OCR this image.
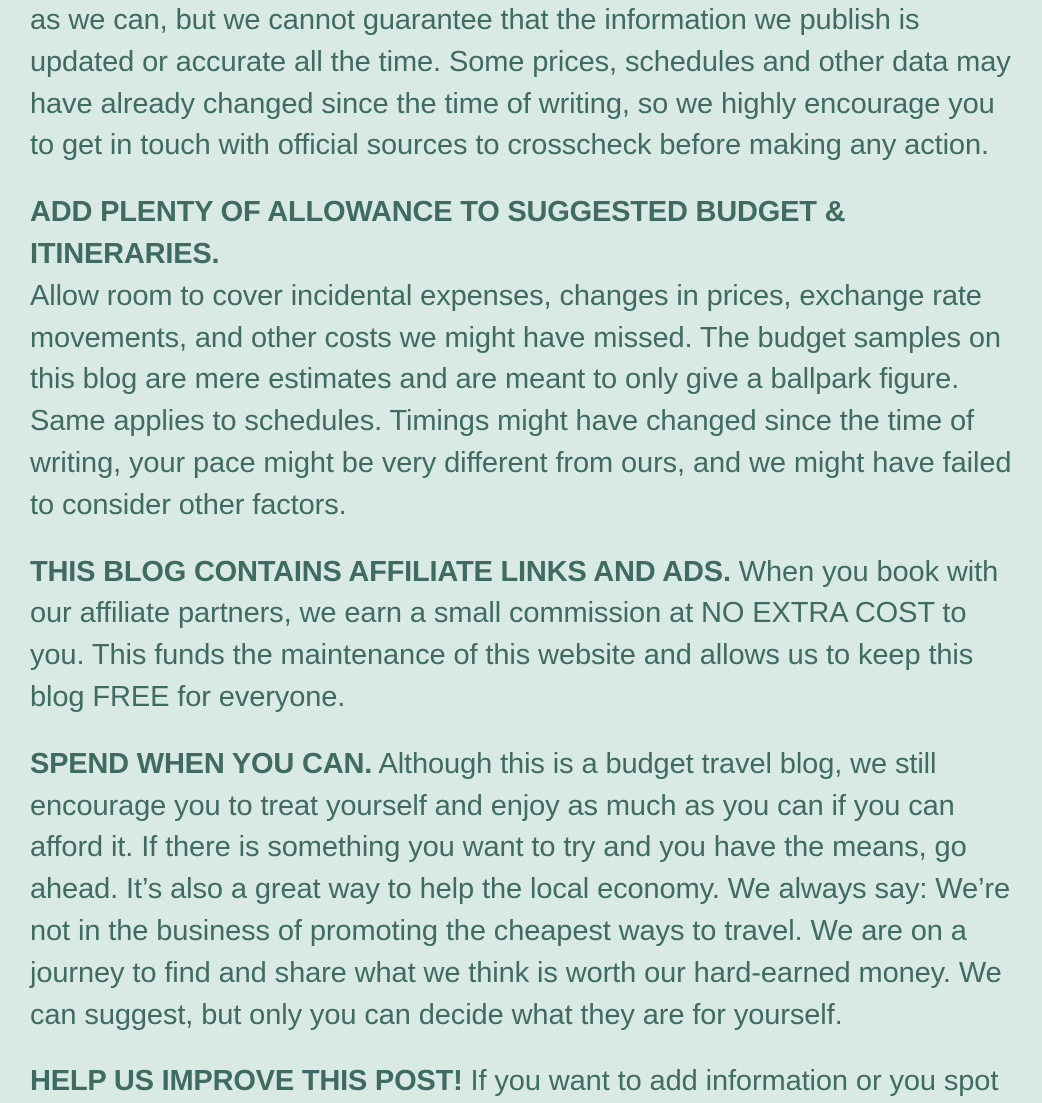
as we can, but we cannot guarantee that the information we publish is updated or accurate all the time. Some prices, schedules and other data may have already changed since the time of writing, so we highly encourage you to get in touch with official sources to crosscheck before making any action.

ADD PLENTY OF ALLOWANCE TO SUGGESTED BUDGET & ITINERARIES.
Allow room to cover incidental expenses, changes in prices, exchange rate movements, and other costs we might have missed. The budget samples on this blog are mere estimates and are meant to only give a ballpark figure. Same applies to schedules. Timings might have changed since the time of writing, your pace might be very different from ours, and we might have failed to consider other factors.

THIS BLOG CONTAINS AFFILIATE LINKS AND ADS. When you book with our affiliate partners, we earn a small commission at NO EXTRA COST to you. This funds the maintenance of this website and allows us to keep this blog FREE for everyone.

SPEND WHEN YOU CAN. Although this is a budget travel blog, we still encourage you to treat yourself and enjoy as much as you can if you can afford it. If there is something you want to try and you have the means, go ahead. It’s also a great way to help the local economy. We always say: We’re not in the business of promoting the cheapest ways to travel. We are on a journey to find and share what we think is worth our hard-earned money. We can suggest, but only you can decide what they are for yourself.

HELP US IMPROVE THIS POST! If you want to add information or you spot
